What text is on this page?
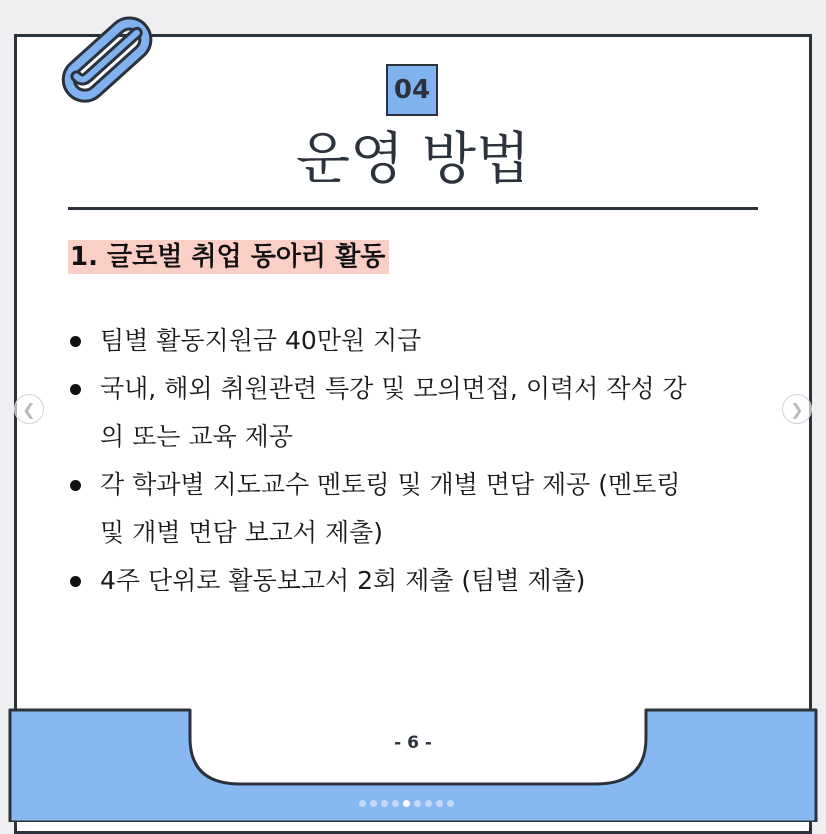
04
운영 방법
1. 글로벌 취업 동아리 활동
팀별 활동지원금 40만원 지급
국내, 해외 취원관련 특강 및 모의면접, 이력서 작성 강의 또는 교육 제공
각 학과별 지도교수 멘토링 및 개별 면담 제공 (멘토링 및 개별 면담 보고서 제출)
4주 단위로 활동보고서 2회 제출 (팀별 제출)
- 6 -
❮	❯
